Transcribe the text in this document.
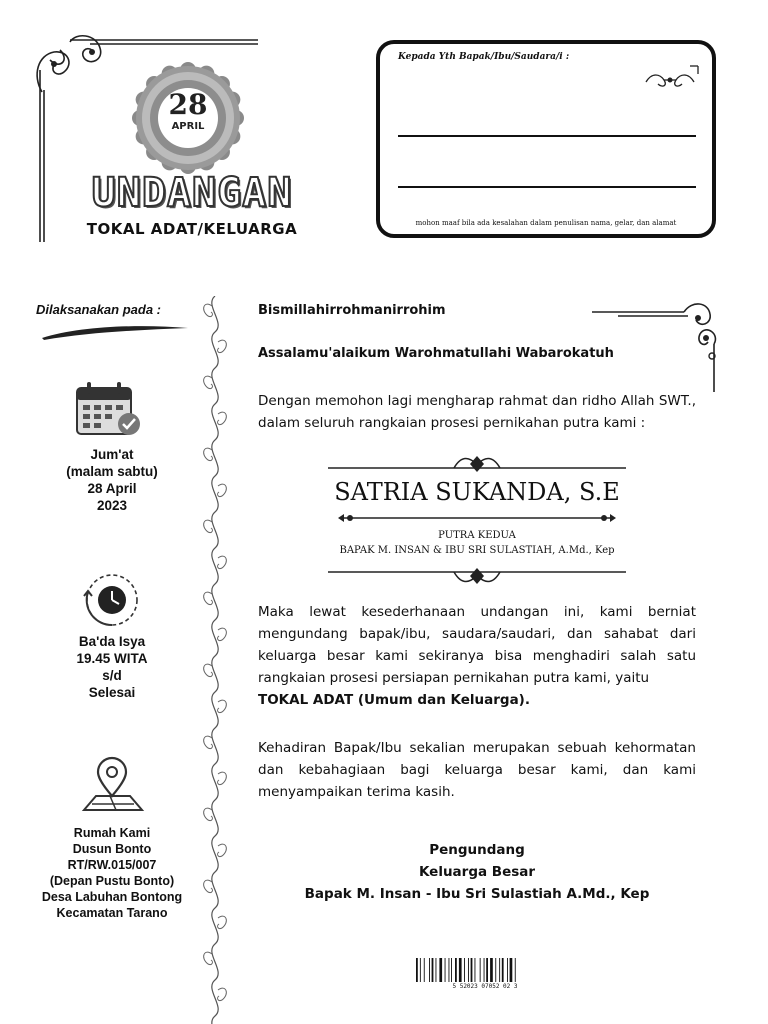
28
APRIL
UNDANGAN
TOKAL ADAT/KELUARGA
Kepada Yth Bapak/Ibu/Saudara/i :
mohon maaf bila ada kesalahan dalam penulisan nama, gelar, dan alamat
Dilaksanakan pada :
Jum'at
(malam sabtu)
28 April
2023
Ba'da Isya
19.45 WITA
s/d
Selesai
Rumah Kami
Dusun Bonto
RT/RW.015/007
(Depan Pustu Bonto)
Desa Labuhan Bontong
Kecamatan Tarano
Bismillahirrohmanirrohim
Assalamu'alaikum Warohmatullahi Wabarokatuh
Dengan memohon lagi mengharap rahmat dan ridho Allah SWT., dalam seluruh rangkaian prosesi pernikahan putra kami :
SATRIA SUKANDA, S.E
PUTRA KEDUA
BAPAK M. INSAN & IBU SRI SULASTIAH, A.Md., Kep
Maka lewat kesederhanaan undangan ini, kami berniat mengundang bapak/ibu, saudara/saudari, dan sahabat dari keluarga besar kami sekiranya bisa menghadiri salah satu rangkaian prosesi persiapan pernikahan putra kami, yaitu
TOKAL ADAT (Umum dan Keluarga).
Kehadiran Bapak/Ibu sekalian merupakan sebuah kehormatan dan kebahagiaan bagi keluarga besar kami, dan kami menyampaikan terima kasih.
Pengundang
Keluarga Besar
Bapak M. Insan - Ibu Sri Sulastiah A.Md., Kep
5 52023 07052 02 3
